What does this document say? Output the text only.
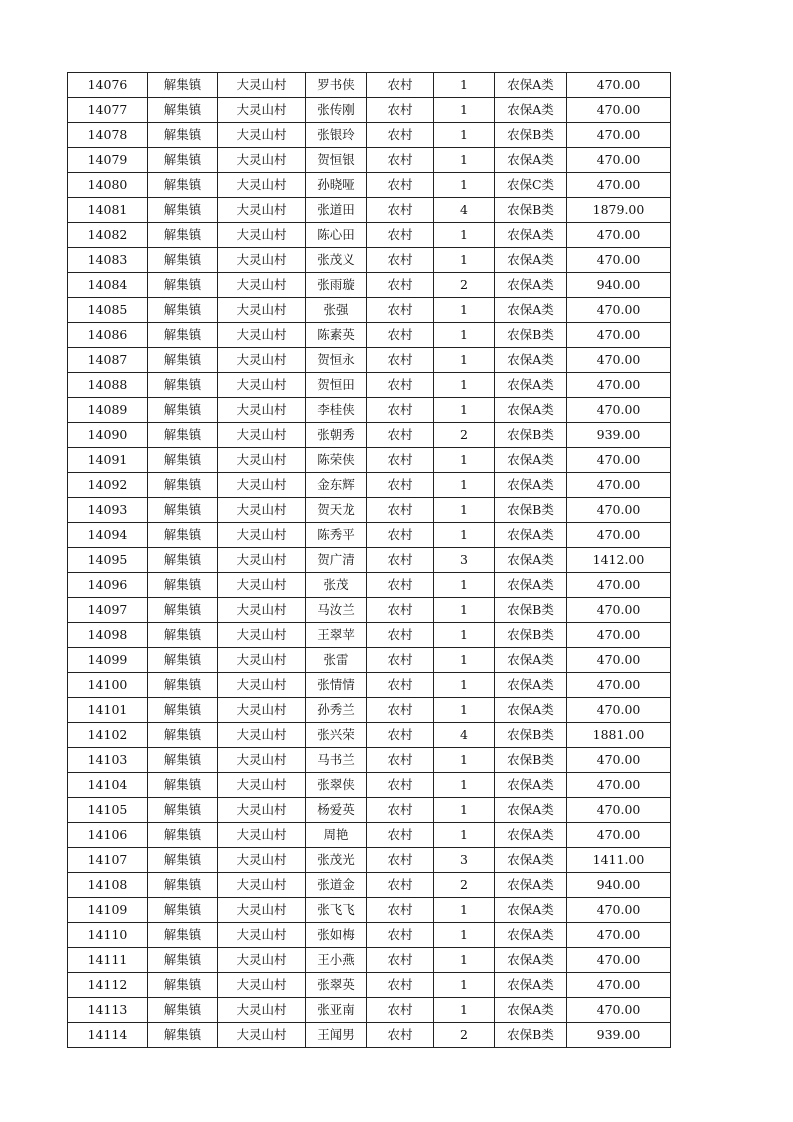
14076	解集镇	大灵山村	罗书侠	农村	1	农保A类	470.00
14077	解集镇	大灵山村	张传刚	农村	1	农保A类	470.00
14078	解集镇	大灵山村	张银玲	农村	1	农保B类	470.00
14079	解集镇	大灵山村	贺恒银	农村	1	农保A类	470.00
14080	解集镇	大灵山村	孙晓哑	农村	1	农保C类	470.00
14081	解集镇	大灵山村	张道田	农村	4	农保B类	1879.00
14082	解集镇	大灵山村	陈心田	农村	1	农保A类	470.00
14083	解集镇	大灵山村	张茂义	农村	1	农保A类	470.00
14084	解集镇	大灵山村	张雨璇	农村	2	农保A类	940.00
14085	解集镇	大灵山村	张强	农村	1	农保A类	470.00
14086	解集镇	大灵山村	陈素英	农村	1	农保B类	470.00
14087	解集镇	大灵山村	贺恒永	农村	1	农保A类	470.00
14088	解集镇	大灵山村	贺恒田	农村	1	农保A类	470.00
14089	解集镇	大灵山村	李桂侠	农村	1	农保A类	470.00
14090	解集镇	大灵山村	张朝秀	农村	2	农保B类	939.00
14091	解集镇	大灵山村	陈荣侠	农村	1	农保A类	470.00
14092	解集镇	大灵山村	金东辉	农村	1	农保A类	470.00
14093	解集镇	大灵山村	贺天龙	农村	1	农保B类	470.00
14094	解集镇	大灵山村	陈秀平	农村	1	农保A类	470.00
14095	解集镇	大灵山村	贺广清	农村	3	农保A类	1412.00
14096	解集镇	大灵山村	张茂	农村	1	农保A类	470.00
14097	解集镇	大灵山村	马汝兰	农村	1	农保B类	470.00
14098	解集镇	大灵山村	王翠苹	农村	1	农保B类	470.00
14099	解集镇	大灵山村	张雷	农村	1	农保A类	470.00
14100	解集镇	大灵山村	张情情	农村	1	农保A类	470.00
14101	解集镇	大灵山村	孙秀兰	农村	1	农保A类	470.00
14102	解集镇	大灵山村	张兴荣	农村	4	农保B类	1881.00
14103	解集镇	大灵山村	马书兰	农村	1	农保B类	470.00
14104	解集镇	大灵山村	张翠侠	农村	1	农保A类	470.00
14105	解集镇	大灵山村	杨爱英	农村	1	农保A类	470.00
14106	解集镇	大灵山村	周艳	农村	1	农保A类	470.00
14107	解集镇	大灵山村	张茂光	农村	3	农保A类	1411.00
14108	解集镇	大灵山村	张道金	农村	2	农保A类	940.00
14109	解集镇	大灵山村	张飞飞	农村	1	农保A类	470.00
14110	解集镇	大灵山村	张如梅	农村	1	农保A类	470.00
14111	解集镇	大灵山村	王小燕	农村	1	农保A类	470.00
14112	解集镇	大灵山村	张翠英	农村	1	农保A类	470.00
14113	解集镇	大灵山村	张亚南	农村	1	农保A类	470.00
14114	解集镇	大灵山村	王闻男	农村	2	农保B类	939.00
